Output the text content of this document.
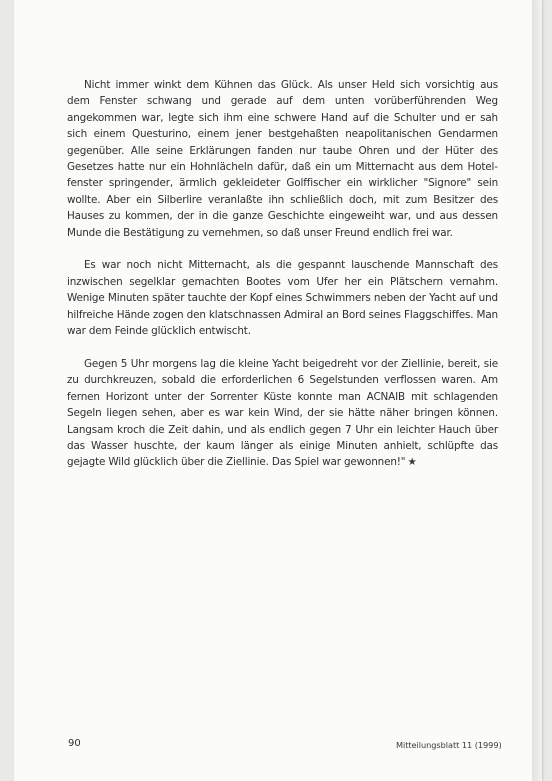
Nicht immer winkt dem Kühnen das Glück. Als unser Held sich vorsichtig aus dem Fenster schwang und gerade auf dem unten vorüberführenden Weg angekommen war, legte sich ihm eine schwere Hand auf die Schulter und er sah sich einem Questurino, einem jener bestgehaßten neapolitanischen Gendarmen gegenüber. Alle seine Erklärungen fanden nur taube Ohren und der Hüter des Gesetzes hatte nur ein Hohnlächeln dafür, daß ein um Mitternacht aus dem Hotelfenster springender, ärmlich gekleideter Golffischer ein wirklicher "Signore" sein wollte. Aber ein Silberlire veranlaßte ihn schließlich doch, mit zum Besitzer des Hauses zu kommen, der in die ganze Geschichte eingeweiht war, und aus dessen Munde die Bestätigung zu vernehmen, so daß unser Freund endlich frei war.

Es war noch nicht Mitternacht, als die gespannt lauschende Mannschaft des inzwischen segelklar gemachten Bootes vom Ufer her ein Plätschern vernahm. Wenige Minuten später tauchte der Kopf eines Schwimmers neben der Yacht auf und hilfreiche Hände zogen den klatschnassen Admiral an Bord seines Flaggschiffes. Man war dem Feinde glücklich entwischt.

Gegen 5 Uhr morgens lag die kleine Yacht beigedreht vor der Ziellinie, bereit, sie zu durchkreuzen, sobald die erforderlichen 6 Segelstunden verflossen waren. Am fernen Horizont unter der Sorrenter Küste konnte man ACNAIB mit schlagenden Segeln liegen sehen, aber es war kein Wind, der sie hätte näher bringen können. Langsam kroch die Zeit dahin, und als endlich gegen 7 Uhr ein leichter Hauch über das Wasser huschte, der kaum länger als einige Minuten anhielt, schlüpfte das gejagte Wild glücklich über die Ziellinie. Das Spiel war gewonnen!" ★

90	Mitteilungsblatt 11 (1999)
